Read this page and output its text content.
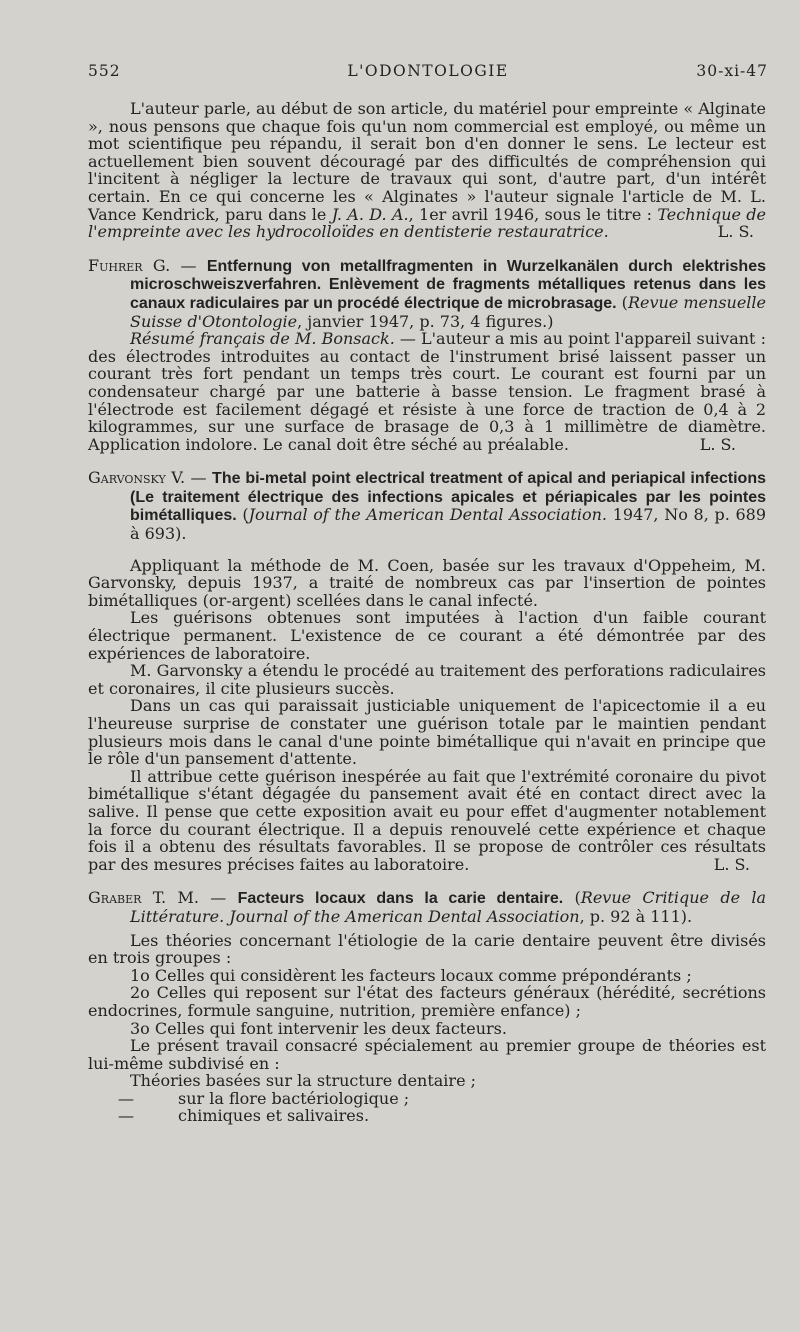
552	L'ODONTOLOGIE	30-xi-47

L'auteur parle, au début de son article, du matériel pour empreinte « Alginate », nous pensons que chaque fois qu'un nom commercial est employé, ou même un mot scientifique peu répandu, il serait bon d'en donner le sens. Le lecteur est actuellement bien souvent découragé par des difficultés de compréhension qui l'incitent à négliger la lecture de travaux qui sont, d'autre part, d'un intérêt certain. En ce qui concerne les « Alginates » l'auteur signale l'article de M. L. Vance Kendrick, paru dans le J. A. D. A., 1er avril 1946, sous le titre : Technique de l'empreinte avec les hydrocolloïdes en dentisterie restauratrice.	L. S.

Fuhrer G. — Entfernung von metallfragmenten in Wurzelkanälen durch elektrishes microschweiszverfahren. Enlèvement de fragments métalliques retenus dans les canaux radiculaires par un procédé électrique de microbrasage. (Revue mensuelle Suisse d'Otontologie, janvier 1947, p. 73, 4 figures.)

Résumé français de M. Bonsack. — L'auteur a mis au point l'appareil suivant : des électrodes introduites au contact de l'instrument brisé laissent passer un courant très fort pendant un temps très court. Le courant est fourni par un condensateur chargé par une batterie à basse tension. Le fragment brasé à l'électrode est facilement dégagé et résiste à une force de traction de 0,4 à 2 kilogrammes, sur une surface de brasage de 0,3 à 1 millimètre de diamètre. Application indolore. Le canal doit être séché au préalable.	L. S.

Garvonsky V. — The bi-metal point electrical treatment of apical and periapical infections (Le traitement électrique des infections apicales et périapicales par les pointes bimétalliques. (Journal of the American Dental Association. 1947, No 8, p. 689 à 693).

Appliquant la méthode de M. Coen, basée sur les travaux d'Oppeheim, M. Garvonsky, depuis 1937, a traité de nombreux cas par l'insertion de pointes bimétalliques (or-argent) scellées dans le canal infecté.

Les guérisons obtenues sont imputées à l'action d'un faible courant électrique permanent. L'existence de ce courant a été démontrée par des expériences de laboratoire.

M. Garvonsky a étendu le procédé au traitement des perforations radiculaires et coronaires, il cite plusieurs succès.

Dans un cas qui paraissait justiciable uniquement de l'apicectomie il a eu l'heureuse surprise de constater une guérison totale par le maintien pendant plusieurs mois dans le canal d'une pointe bimétallique qui n'avait en principe que le rôle d'un pansement d'attente.

Il attribue cette guérison inespérée au fait que l'extrémité coronaire du pivot bimétallique s'étant dégagée du pansement avait été en contact direct avec la salive. Il pense que cette exposition avait eu pour effet d'augmenter notablement la force du courant électrique. Il a depuis renouvelé cette expérience et chaque fois il a obtenu des résultats favorables. Il se propose de contrôler ces résultats par des mesures précises faites au laboratoire.	L. S.

Graber T. M. — Facteurs locaux dans la carie dentaire. (Revue Critique de la Littérature. Journal of the American Dental Association, p. 92 à 111).

Les théories concernant l'étiologie de la carie dentaire peuvent être divisés en trois groupes :

1o Celles qui considèrent les facteurs locaux comme prépondérants ;

2o Celles qui reposent sur l'état des facteurs généraux (hérédité, secrétions endocrines, formule sanguine, nutrition, première enfance) ;

3o Celles qui font intervenir les deux facteurs.

Le présent travail consacré spécialement au premier groupe de théories est lui-même subdivisé en :

Théories basées sur la structure dentaire ;

—	sur la flore bactériologique ;

—	chimiques et salivaires.
